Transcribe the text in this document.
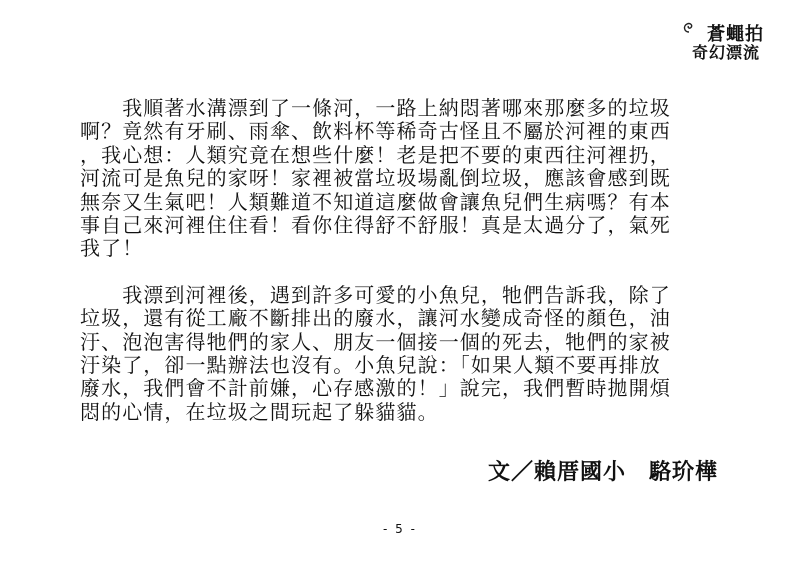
蒼蠅拍
奇幻漂流
　　我順著水溝漂到了一條河，一路上納悶著哪來那麼多的垃圾
啊？竟然有牙刷、雨傘、飲料杯等稀奇古怪且不屬於河裡的東西
，我心想：人類究竟在想些什麼！老是把不要的東西往河裡扔，
河流可是魚兒的家呀！家裡被當垃圾場亂倒垃圾，應該會感到既
無奈又生氣吧！人類難道不知道這麼做會讓魚兒們生病嗎？有本
事自己來河裡住住看！看你住得舒不舒服！真是太過分了，氣死
我了！
　　我漂到河裡後，遇到許多可愛的小魚兒，牠們告訴我，除了
垃圾，還有從工廠不斷排出的廢水，讓河水變成奇怪的顏色，油
汙、泡泡害得牠們的家人、朋友一個接一個的死去，牠們的家被
汙染了，卻一點辦法也沒有。小魚兒說：「如果人類不要再排放
廢水，我們會不計前嫌，心存感激的！」說完，我們暫時拋開煩
悶的心情，在垃圾之間玩起了躲貓貓。
文／賴厝國小　駱玠樺
- 5 -
